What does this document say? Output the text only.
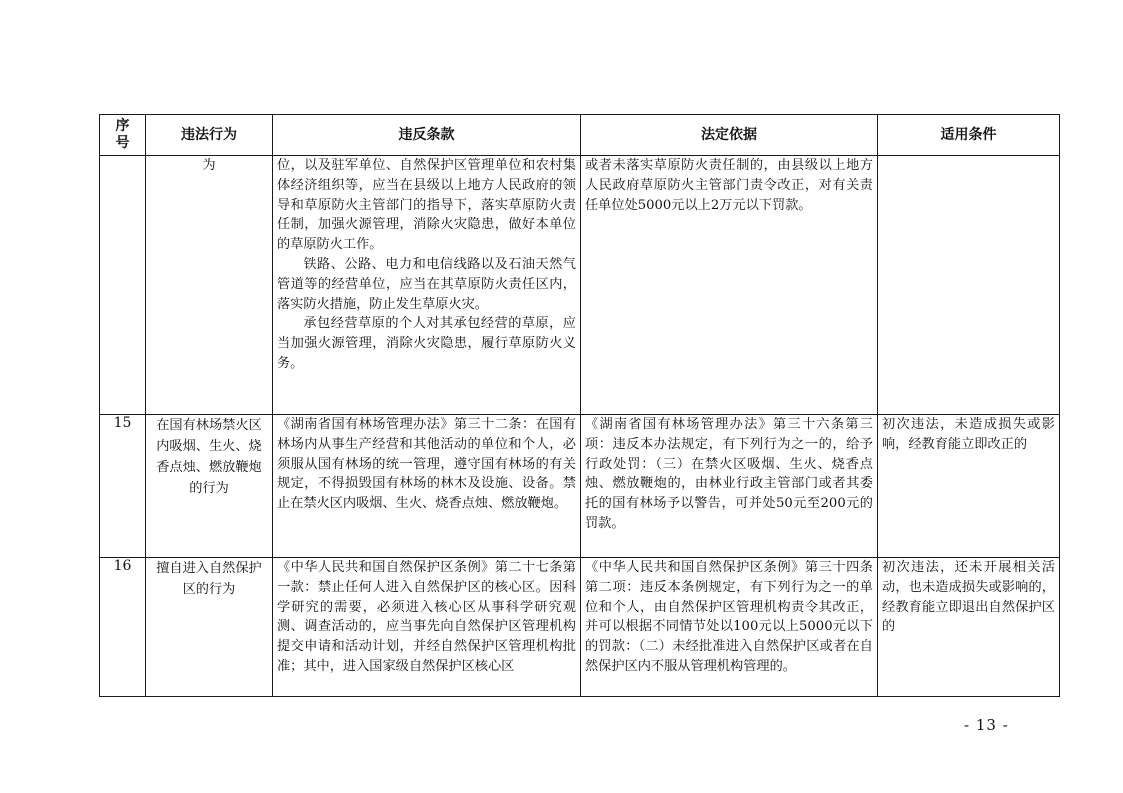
序
号	违法行为	违反条款	法定依据	适用条件

	为	位，以及驻军单位、自然保护区管理单位和农村集体经济组织等，应当在县级以上地方人民政府的领导和草原防火主管部门的指导下，落实草原防火责任制，加强火源管理，消除火灾隐患，做好本单位的草原防火工作。

铁路、公路、电力和电信线路以及石油天然气管道等的经营单位，应当在其草原防火责任区内，落实防火措施，防止发生草原火灾。

承包经营草原的个人对其承包经营的草原，应当加强火源管理，消除火灾隐患，履行草原防火义务。	或者未落实草原防火责任制的，由县级以上地方人民政府草原防火主管部门责令改正，对有关责任单位处5000元以上2万元以下罚款。	

15	在国有林场禁火区内吸烟、生火、烧香点烛、燃放鞭炮的行为	《湖南省国有林场管理办法》第三十二条：在国有林场内从事生产经营和其他活动的单位和个人，必须服从国有林场的统一管理，遵守国有林场的有关规定，不得损毁国有林场的林木及设施、设备。禁止在禁火区内吸烟、生火、烧香点烛、燃放鞭炮。	《湖南省国有林场管理办法》第三十六条第三项：违反本办法规定，有下列行为之一的，给予行政处罚：（三）在禁火区吸烟、生火、烧香点烛、燃放鞭炮的，由林业行政主管部门或者其委托的国有林场予以警告，可并处50元至200元的罚款。	初次违法，未造成损失或影响，经教育能立即改正的

16	擅自进入自然保护区的行为	《中华人民共和国自然保护区条例》第二十七条第一款：禁止任何人进入自然保护区的核心区。因科学研究的需要，必须进入核心区从事科学研究观测、调查活动的，应当事先向自然保护区管理机构提交申请和活动计划，并经自然保护区管理机构批准；其中，进入国家级自然保护区核心区	《中华人民共和国自然保护区条例》第三十四条第二项：违反本条例规定，有下列行为之一的单位和个人，由自然保护区管理机构责令其改正，并可以根据不同情节处以100元以上5000元以下的罚款：（二）未经批准进入自然保护区或者在自然保护区内不服从管理机构管理的。	初次违法，还未开展相关活动，也未造成损失或影响的，经教育能立即退出自然保护区的
- 13 -
